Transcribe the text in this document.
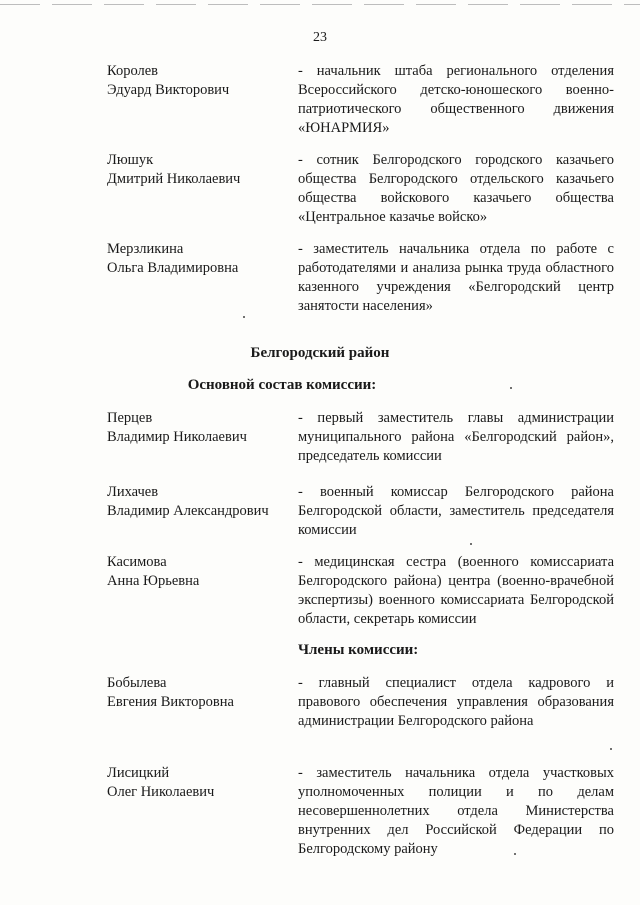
23
Королев
Эдуард Викторович
- начальник штаба регионального отделения Всероссийского детско-юношеского военно-патриотического общественного движения «ЮНАРМИЯ»
Люшук
Дмитрий Николаевич
- сотник Белгородского городского казачьего общества Белгородского отдельского казачьего общества войскового казачьего общества «Центральное казачье войско»
Мерзликина
Ольга Владимировна
- заместитель начальника отдела по работе с работодателями и анализа рынка труда областного казенного учреждения «Белгородский центр занятости населения»
Белгородский район
Основной состав комиссии:
Перцев
Владимир Николаевич
- первый заместитель главы администрации муниципального района «Белгородский район», председатель комиссии
Лихачев
Владимир Александрович
- военный комиссар Белгородского района Белгородской области, заместитель председателя комиссии
Касимова
Анна Юрьевна
- медицинская сестра (военного комиссариата Белгородского района) центра (военно-врачебной экспертизы) военного комиссариата Белгородской области, секретарь комиссии
Члены комиссии:
Бобылева
Евгения Викторовна
- главный специалист отдела кадрового и правового обеспечения управления образования администрации Белгородского района
Лисицкий
Олег Николаевич
- заместитель начальника отдела участковых уполномоченных полиции и по делам несовершеннолетних отдела Министерства внутренних дел Российской Федерации по Белгородскому району
